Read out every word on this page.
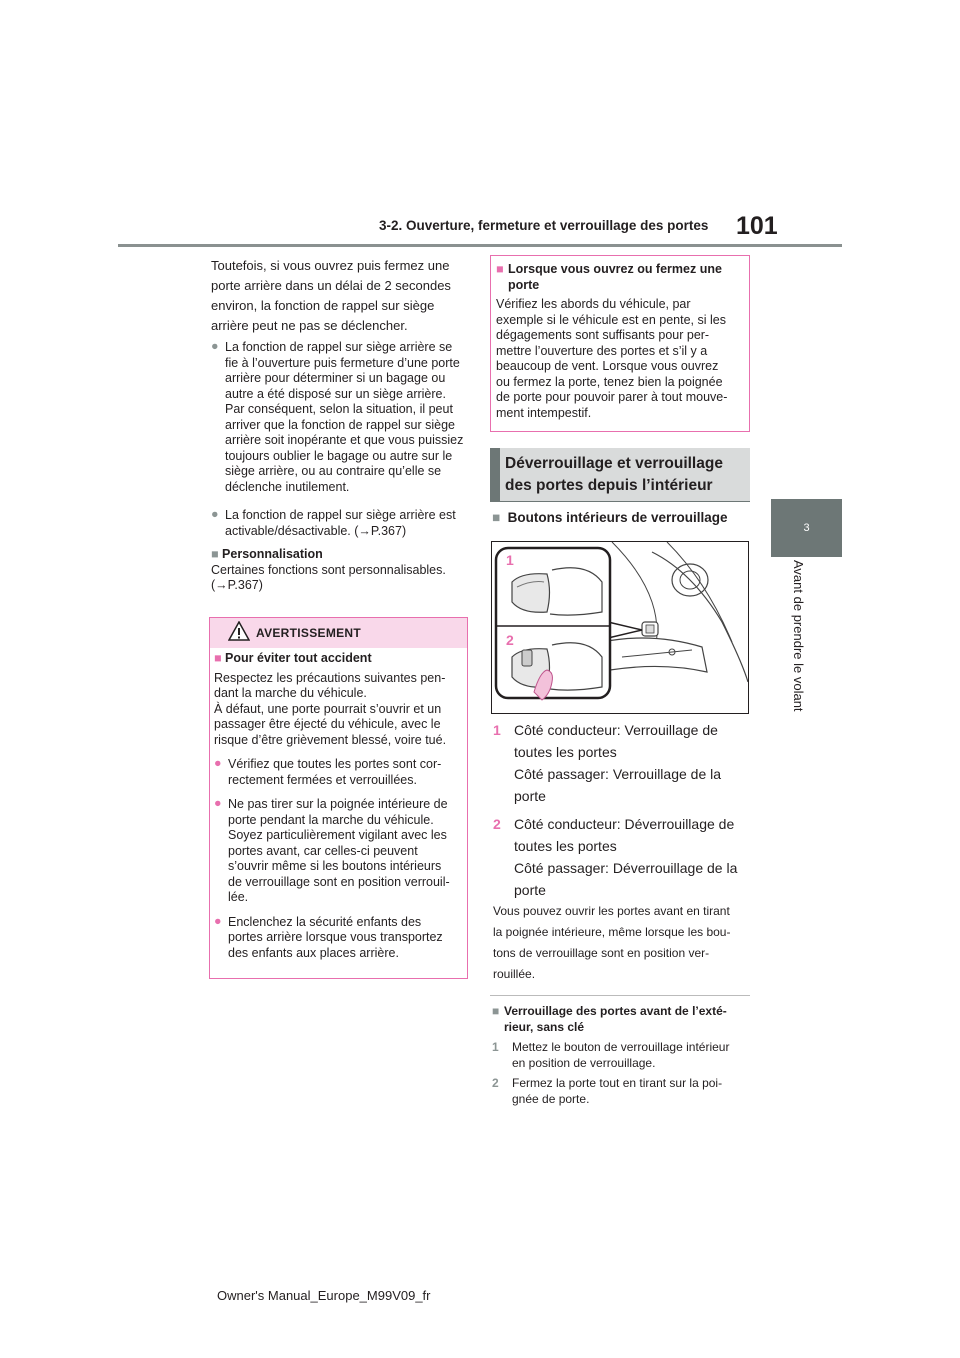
3-2. Ouverture, fermeture et verrouillage des portes 101
3
Avant de prendre le volant
Toutefois, si vous ouvrez puis fermez une
porte arrière dans un délai de 2 secondes
environ, la fonction de rappel sur siège
arrière peut ne pas se déclencher.
● La fonction de rappel sur siège arrière se
fie à l’ouverture puis fermeture d’une porte
arrière pour déterminer si un bagage ou
autre a été disposé sur un siège arrière.
Par conséquent, selon la situation, il peut
arriver que la fonction de rappel sur siège
arrière soit inopérante et que vous puissiez
toujours oublier le bagage ou autre sur le
siège arrière, ou au contraire qu’elle se
déclenche inutilement.
● La fonction de rappel sur siège arrière est
activable/désactivable. (→P.367)
■ Personnalisation
Certaines fonctions sont personnalisables.
(→P.367)
AVERTISSEMENT
■ Pour éviter tout accident
Respectez les précautions suivantes pen-
dant la marche du véhicule.
À défaut, une porte pourrait s’ouvrir et un
passager être éjecté du véhicule, avec le
risque d’être grièvement blessé, voire tué.
● Vérifiez que toutes les portes sont cor-
rectement fermées et verrouillées.
● Ne pas tirer sur la poignée intérieure de
porte pendant la marche du véhicule.
Soyez particulièrement vigilant avec les
portes avant, car celles-ci peuvent
s’ouvrir même si les boutons intérieurs
de verrouillage sont en position verrouil-
lée.
● Enclenchez la sécurité enfants des
portes arrière lorsque vous transportez
des enfants aux places arrière.
■ Lorsque vous ouvrez ou fermez une
porte
Vérifiez les abords du véhicule, par
exemple si le véhicule est en pente, si les
dégagements sont suffisants pour per-
mettre l’ouverture des portes et s’il y a
beaucoup de vent. Lorsque vous ouvrez
ou fermez la porte, tenez bien la poignée
de porte pour pouvoir parer à tout mouve-
ment intempestif.
Déverrouillage et verrouillage
des portes depuis l’intérieur
■ Boutons intérieurs de verrouillage
1
2
1 Côté conducteur: Verrouillage de
toutes les portes
Côté passager: Verrouillage de la
porte
2 Côté conducteur: Déverrouillage de
toutes les portes
Côté passager: Déverrouillage de la
porte
Vous pouvez ouvrir les portes avant en tirant
la poignée intérieure, même lorsque les bou-
tons de verrouillage sont en position ver-
rouillée.
■ Verrouillage des portes avant de l’exté-
rieur, sans clé
1 Mettez le bouton de verrouillage intérieur
en position de verrouillage.
2 Fermez la porte tout en tirant sur la poi-
gnée de porte.
Owner's Manual_Europe_M99V09_fr
